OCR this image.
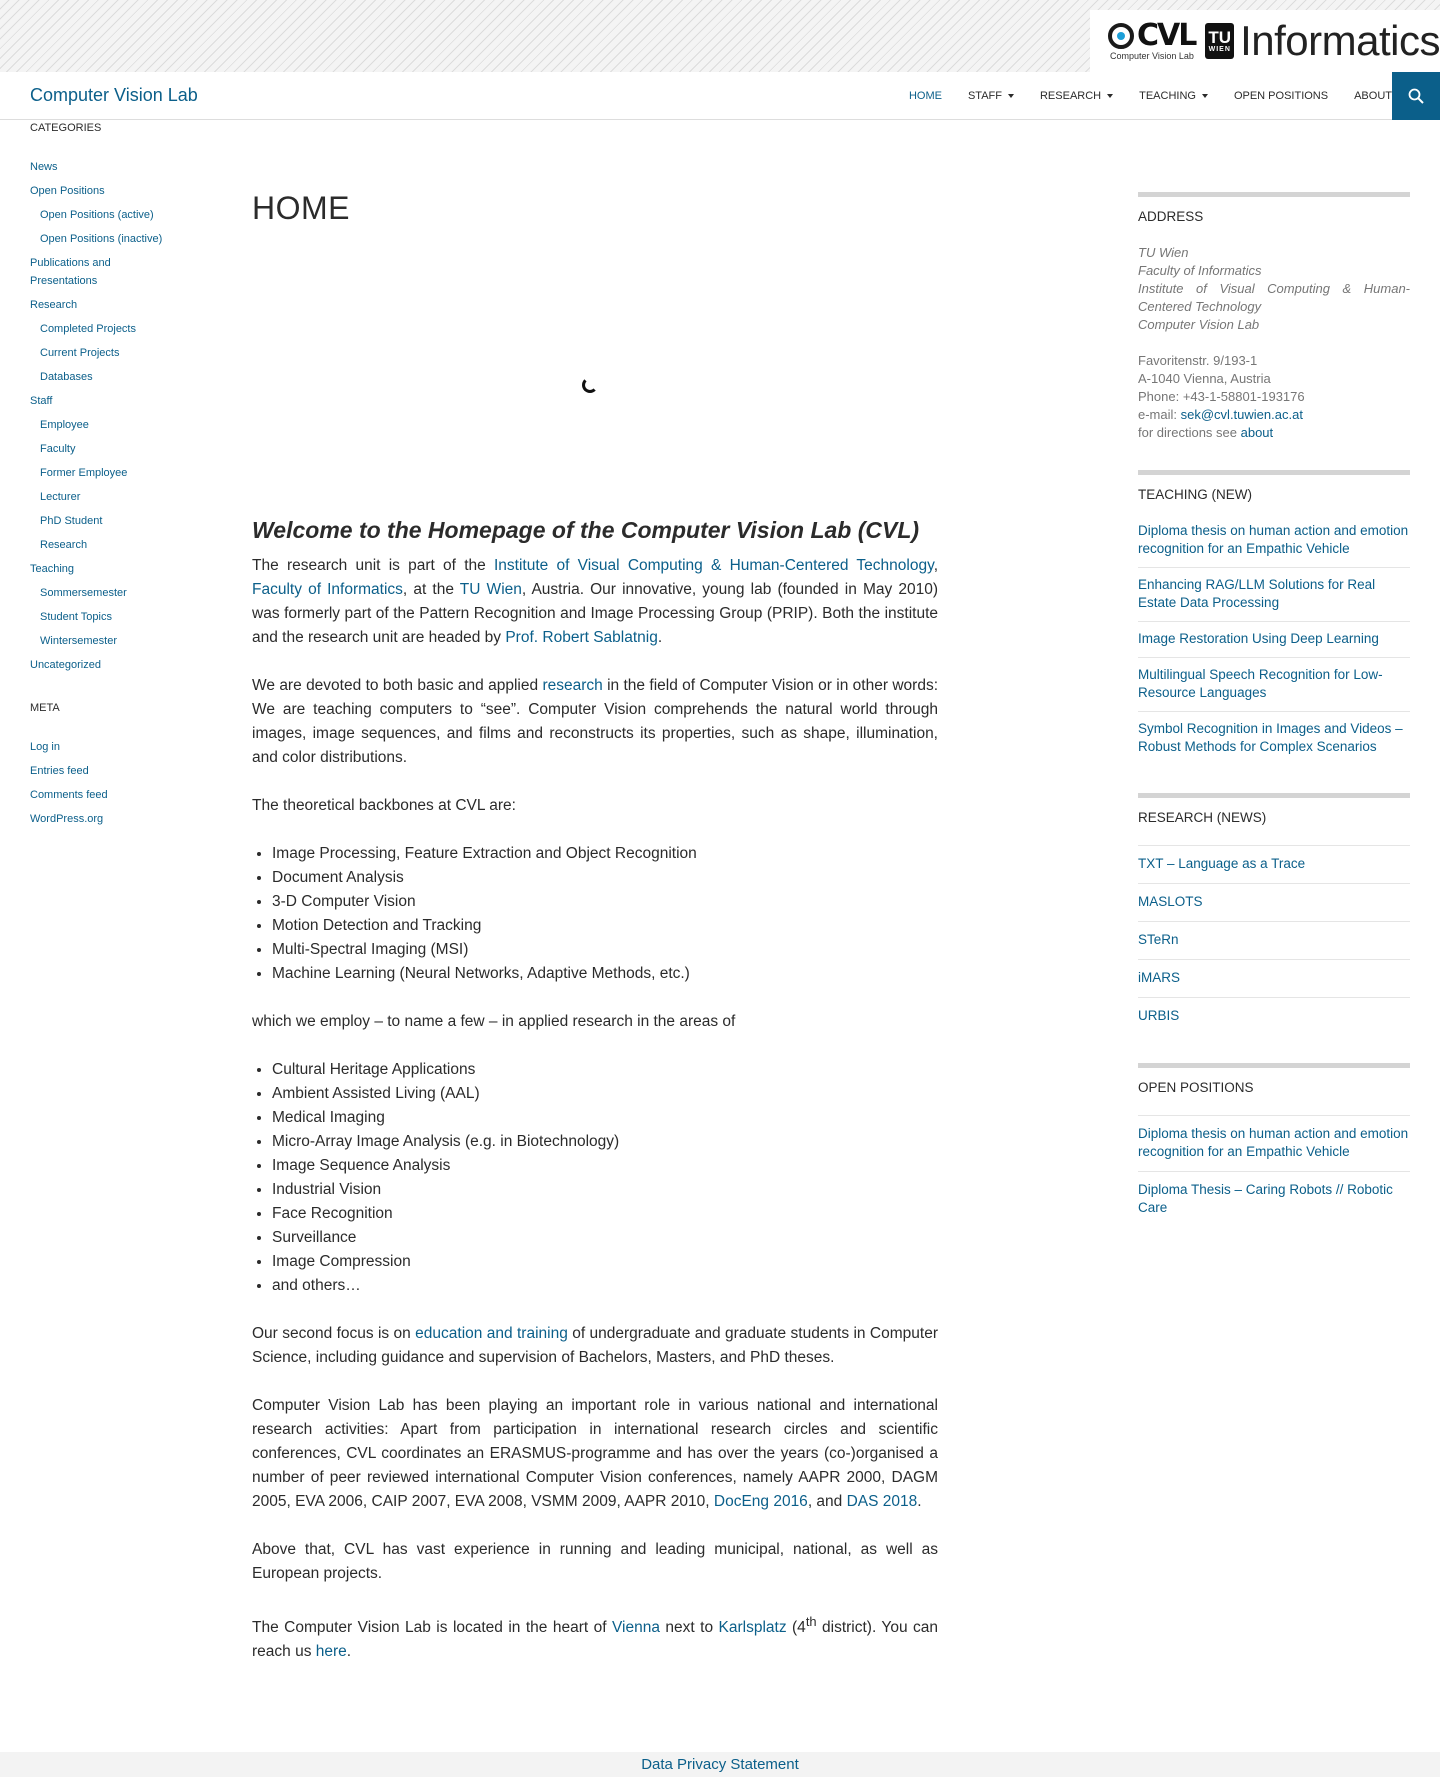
CVL
Computer Vision Lab
TU
WIEN Informatics
Computer Vision Lab	HOME STAFF	RESEARCH	TEACHING	OPEN POSITIONS ABOUT
CATEGORIES
News
Open Positions
Open Positions (active)
Open Positions (inactive)
Publications and Presentations
Research
Completed Projects
Current Projects
Databases
Staff
Employee
Faculty
Former Employee
Lecturer
PhD Student
Research
Teaching
Sommersemester
Student Topics
Wintersemester
Uncategorized
META
Log in
Entries feed
Comments feed
WordPress.org
HOME
Welcome to the Homepage of the Computer Vision Lab (CVL)

The research unit is part of the Institute of Visual Computing & Human-Centered Technology, Faculty of Informatics, at the TU Wien, Austria. Our innovative, young lab (founded in May 2010) was formerly part of the Pattern Recognition and Image Processing Group (PRIP). Both the institute and the research unit are headed by Prof. Robert Sablatnig.

We are devoted to both basic and applied research in the field of Computer Vision or in other words: We are teaching computers to “see”. Computer Vision comprehends the natural world through images, image sequences, and films and reconstructs its properties, such as shape, illumination, and color distributions.

The theoretical backbones at CVL are:

• Image Processing, Feature Extraction and Object Recognition
• Document Analysis
• 3-D Computer Vision
• Motion Detection and Tracking
• Multi-Spectral Imaging (MSI)
• Machine Learning (Neural Networks, Adaptive Methods, etc.)

which we employ – to name a few – in applied research in the areas of

• Cultural Heritage Applications
• Ambient Assisted Living (AAL)
• Medical Imaging
• Micro-Array Image Analysis (e.g. in Biotechnology)
• Image Sequence Analysis
• Industrial Vision
• Face Recognition
• Surveillance
• Image Compression
• and others…

Our second focus is on education and training of undergraduate and graduate students in Computer Science, including guidance and supervision of Bachelors, Masters, and PhD theses.

Computer Vision Lab has been playing an important role in various national and international research activities: Apart from participation in international research circles and scientific conferences, CVL coordinates an ERASMUS-programme and has over the years (co-)organised a number of peer reviewed international Computer Vision conferences, namely AAPR 2000, DAGM 2005, EVA 2006, CAIP 2007, EVA 2008, VSMM 2009, AAPR 2010, DocEng 2016, and DAS 2018.

Above that, CVL has vast experience in running and leading municipal, national, as well as European projects.

The Computer Vision Lab is located in the heart of Vienna next to Karlsplatz (4th district). You can reach us here.

ADDRESS
TU Wien
Faculty of Informatics
Institute of Visual Computing & Human-Centered Technology
Computer Vision Lab
Favoritenstr. 9/193-1
A-1040 Vienna, Austria
Phone: +43-1-58801-193176
e-mail: sek@cvl.tuwien.ac.at
for directions see about
TEACHING (NEW)
Diploma thesis on human action and emotion recognition for an Empathic Vehicle
Enhancing RAG/LLM Solutions for Real Estate Data Processing
Image Restoration Using Deep Learning
Multilingual Speech Recognition for Low-Resource Languages
Symbol Recognition in Images and Videos – Robust Methods for Complex Scenarios
RESEARCH (NEWS)
TXT – Language as a Trace
MASLOTS
STeRn
iMARS
URBIS
OPEN POSITIONS
Diploma thesis on human action and emotion recognition for an Empathic Vehicle
Diploma Thesis – Caring Robots // Robotic Care
Data Privacy Statement
